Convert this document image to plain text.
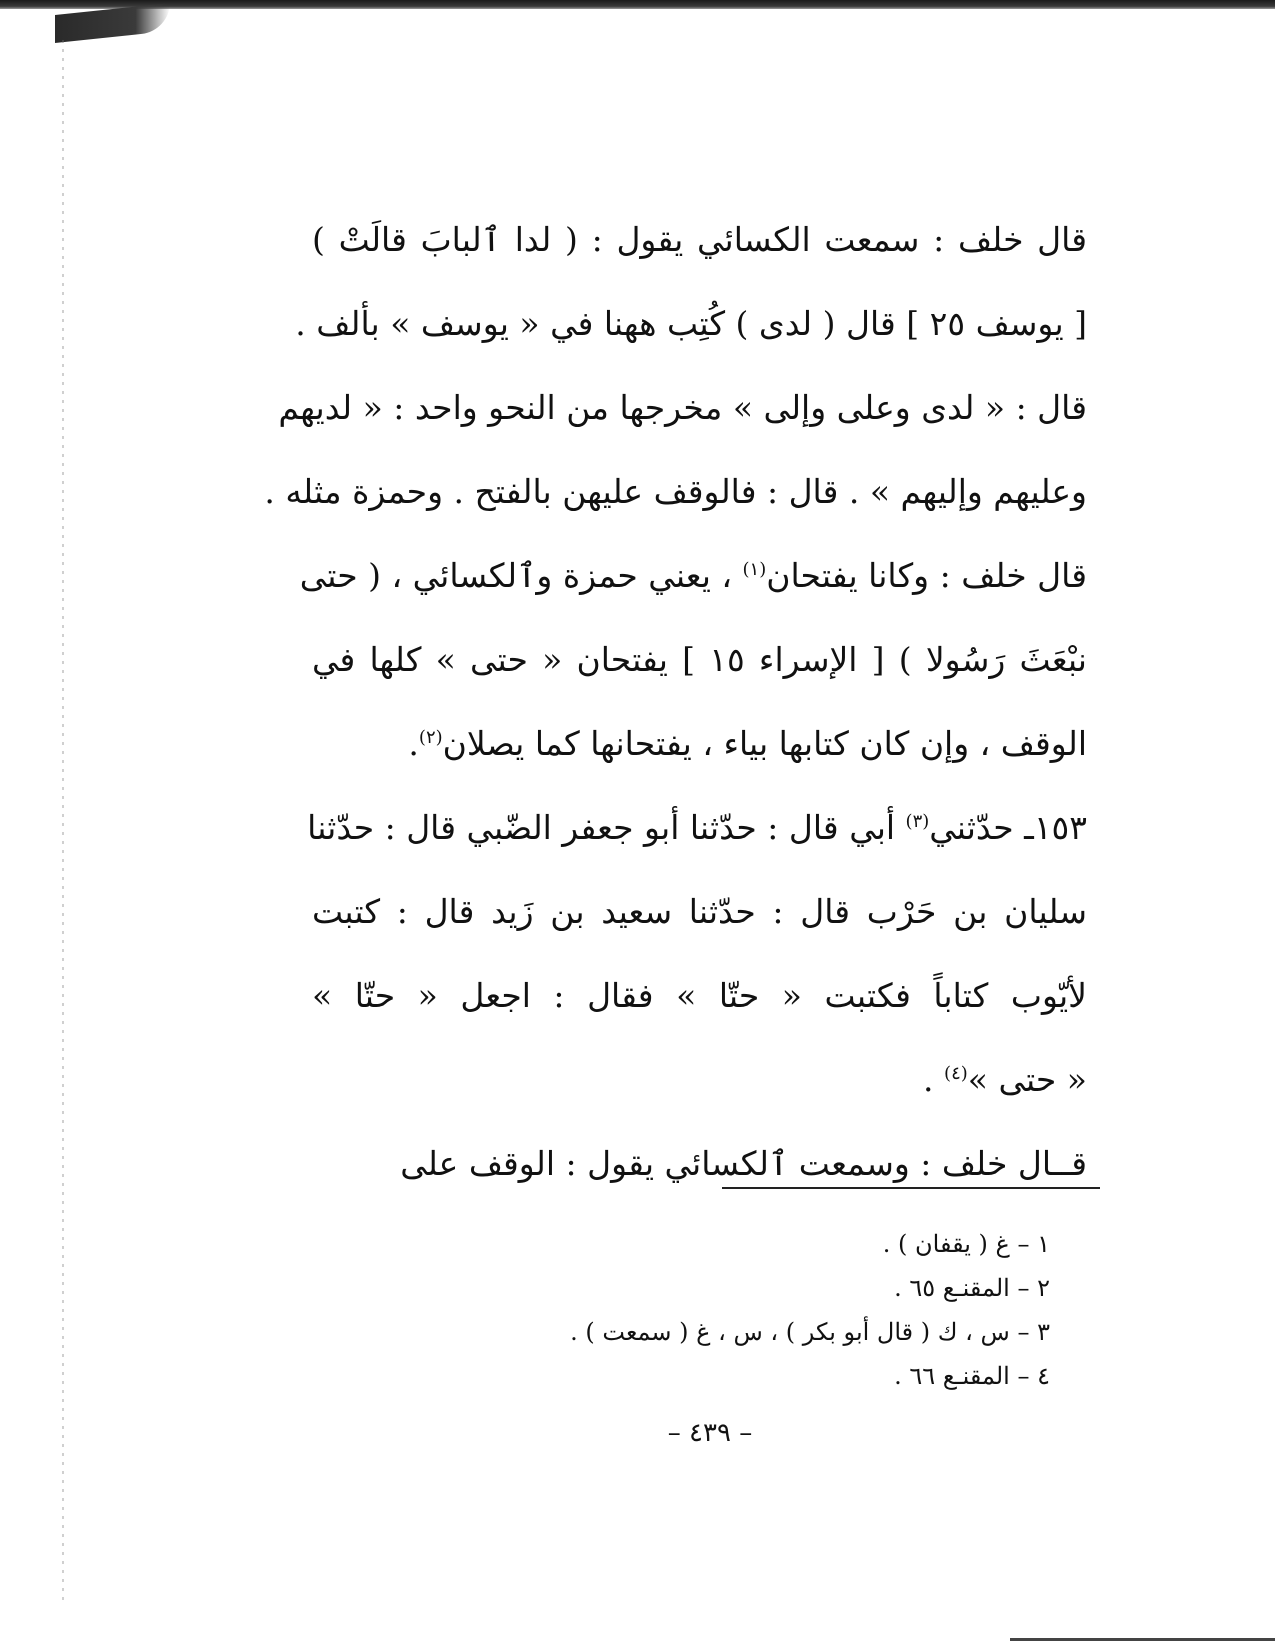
قال خلف : سمعت الكسائي يقول : ( لدا ٱلبابَ قالَتْ )
[ يوسف ٢٥ ] قال ( لدى ) كُتِب ههنا في « يوسف » بألف .
قال : « لدى وعلى وإلى » مخرجها من النحو واحد : « لديهم
وعليهم وإليهم » . قال : فالوقف عليهن بالفتح . وحمزة مثله .

قال خلف : وكانا يفتحان$^{(١)}$ ، يعني حمزة وٱلكسائي ، ( حتى
نبْعَثَ رَسُولا ) [ الإسراء ١٥ ] يفتحان « حتى » كلها في
الوقف ، وإن كان كتابها بياء ، يفتحانها كما يصلان$^{(٢)}$.

١٥٣ـ حدّثني$^{(٣)}$ أبي قال : حدّثنا أبو جعفر الضّبي قال : حدّثنا
سليان بن حَرْب قال : حدّثنا سعيد بن زَيد قال : كتبت
لأيّوب كتاباً فكتبت « حتّا » فقال : اجعل « حتّا »
« حتى »$^{(٤)}$ .

قــال خلف : وسمعت ٱلكسائي يقول : الوقف على

١ – غ ( يقفان ) .
٢ – المقنـع ٦٥ .
٣ – س ، ك ( قال أبو بكر ) ، س ، غ ( سمعت ) .
٤ – المقنـع ٦٦ .
– ٤٣٩ –
